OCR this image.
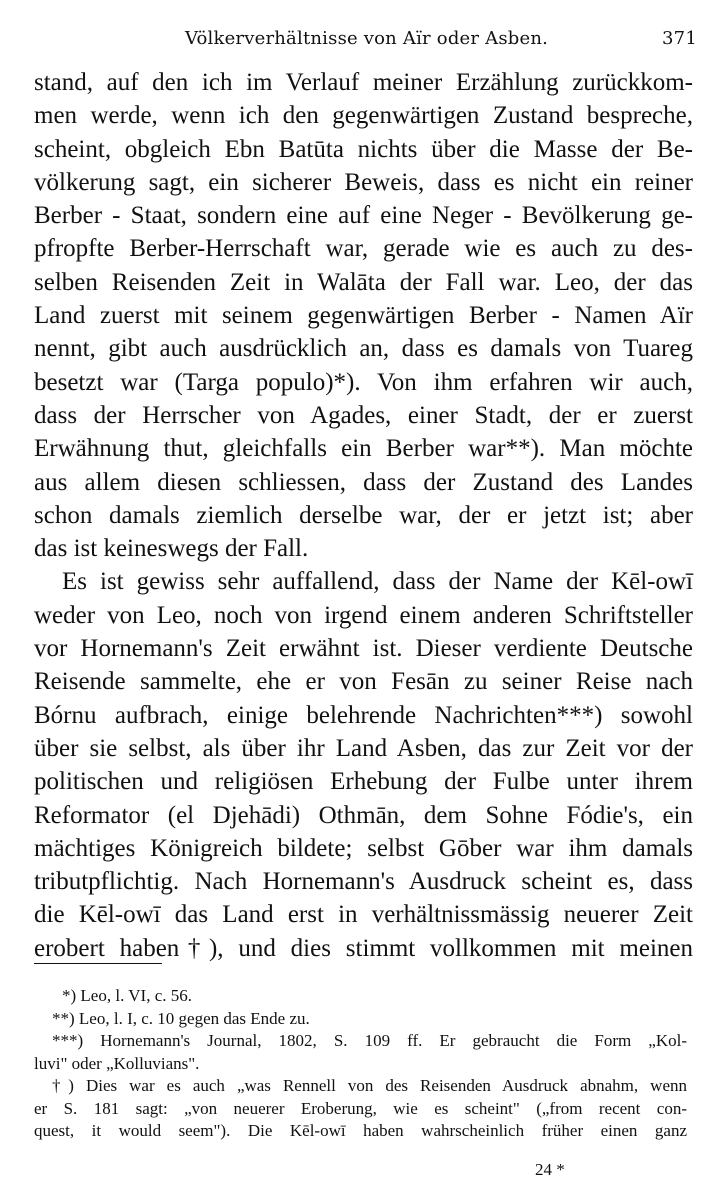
Völkerverhältnisse von Aïr oder Asben.	371
stand, auf den ich im Verlauf meiner Erzählung zurückkom-
men werde, wenn ich den gegenwärtigen Zustand bespreche,
scheint, obgleich Ebn Batūta nichts über die Masse der Be-
völkerung sagt, ein sicherer Beweis, dass es nicht ein reiner
Berber - Staat, sondern eine auf eine Neger - Bevölkerung ge-
pfropfte Berber-Herrschaft war, gerade wie es auch zu des-
selben Reisenden Zeit in Walāta der Fall war. Leo, der das
Land zuerst mit seinem gegenwärtigen Berber - Namen Aïr
nennt, gibt auch ausdrücklich an, dass es damals von Tuareg
besetzt war (Targa populo)*). Von ihm erfahren wir auch,
dass der Herrscher von Agades, einer Stadt, der er zuerst
Erwähnung thut, gleichfalls ein Berber war**). Man möchte
aus allem diesen schliessen, dass der Zustand des Landes
schon damals ziemlich derselbe war, der er jetzt ist; aber
das ist keineswegs der Fall.
Es ist gewiss sehr auffallend, dass der Name der Kēl-owī
weder von Leo, noch von irgend einem anderen Schriftsteller
vor Hornemann's Zeit erwähnt ist. Dieser verdiente Deutsche
Reisende sammelte, ehe er von Fesān zu seiner Reise nach
Bórnu aufbrach, einige belehrende Nachrichten***) sowohl
über sie selbst, als über ihr Land Asben, das zur Zeit vor der
politischen und religiösen Erhebung der Fulbe unter ihrem
Reformator (el Djehādi) Othmān, dem Sohne Fódie's, ein
mächtiges Königreich bildete; selbst Gōber war ihm damals
tributpflichtig. Nach Hornemann's Ausdruck scheint es, dass
die Kēl-owī das Land erst in verhältnissmässig neuerer Zeit
erobert haben†), und dies stimmt vollkommen mit meinen
*) Leo, l. VI, c. 56.
**) Leo, l. I, c. 10 gegen das Ende zu.
***) Hornemann's Journal, 1802, S. 109 ff. Er gebraucht die Form „Kol-
luvi" oder „Kolluvians".
†) Dies war es auch „was Rennell von des Reisenden Ausdruck abnahm, wenn
er S. 181 sagt: „von neuerer Eroberung, wie es scheint" („from recent con-
quest, it would seem"). Die Kēl-owī haben wahrscheinlich früher einen ganz
24 *
